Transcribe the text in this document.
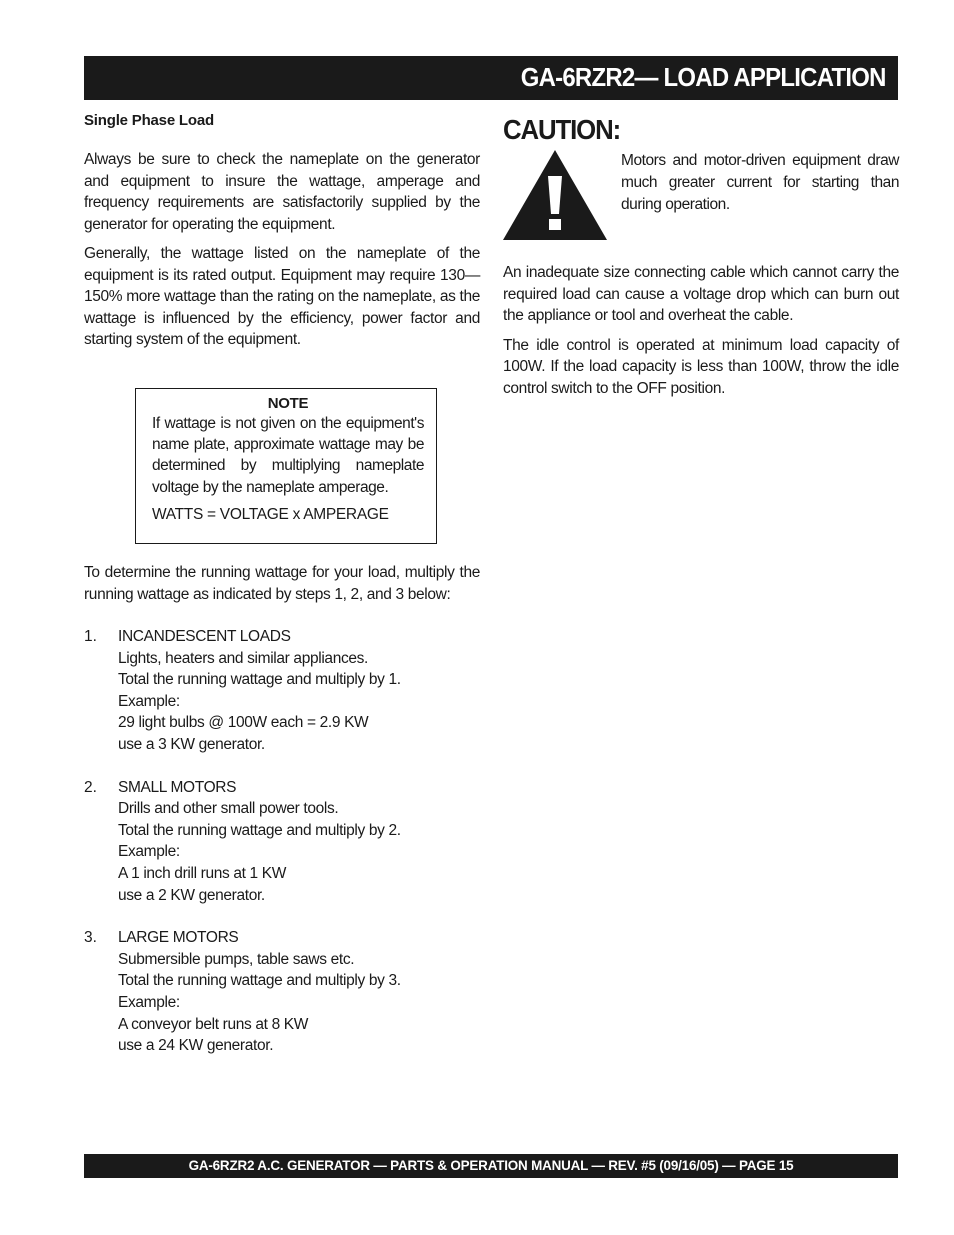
GA-6RZR2— LOAD APPLICATION
Single Phase Load

Always be sure to check the nameplate on the generator and equipment to insure the wattage, amperage and frequency requirements are satisfactorily supplied by the generator for operating the equipment.

Generally, the wattage listed on the nameplate of the equipment is its rated output. Equipment may require 130—150% more wattage than the rating on the nameplate, as the wattage is influenced by the efficiency, power factor and starting system of the equipment.

NOTE
If wattage is not given on the equipment's name plate, approximate wattage may be determined by multiplying nameplate voltage by the nameplate amperage.
WATTS = VOLTAGE x AMPERAGE

To determine the running wattage for your load, multiply the running wattage as indicated by steps 1, 2, and 3 below:

1.	INCANDESCENT LOADS
Lights, heaters and similar appliances.
Total the running wattage and multiply by 1.
Example:
29 light bulbs @ 100W each = 2.9 KW
use a 3 KW generator.
2.	SMALL MOTORS
Drills and other small power tools.
Total the running wattage and multiply by 2.
Example:
A 1 inch drill runs at 1 KW
use a 2 KW generator.
3.	LARGE MOTORS
Submersible pumps, table saws etc.
Total the running wattage and multiply by 3.
Example:
A conveyor belt runs at 8 KW
use a 24 KW generator.
CAUTION:
Motors and motor-driven equipment draw much greater current for starting than during operation.

An inadequate size connecting cable which cannot carry the required load can cause a voltage drop which can burn out the appliance or tool and overheat the cable.

The idle control is operated at minimum load capacity of 100W. If the load capacity is less than 100W, throw the idle control switch to the OFF position.

GA-6RZR2 A.C. GENERATOR — PARTS & OPERATION MANUAL — REV. #5 (09/16/05) — PAGE 15
